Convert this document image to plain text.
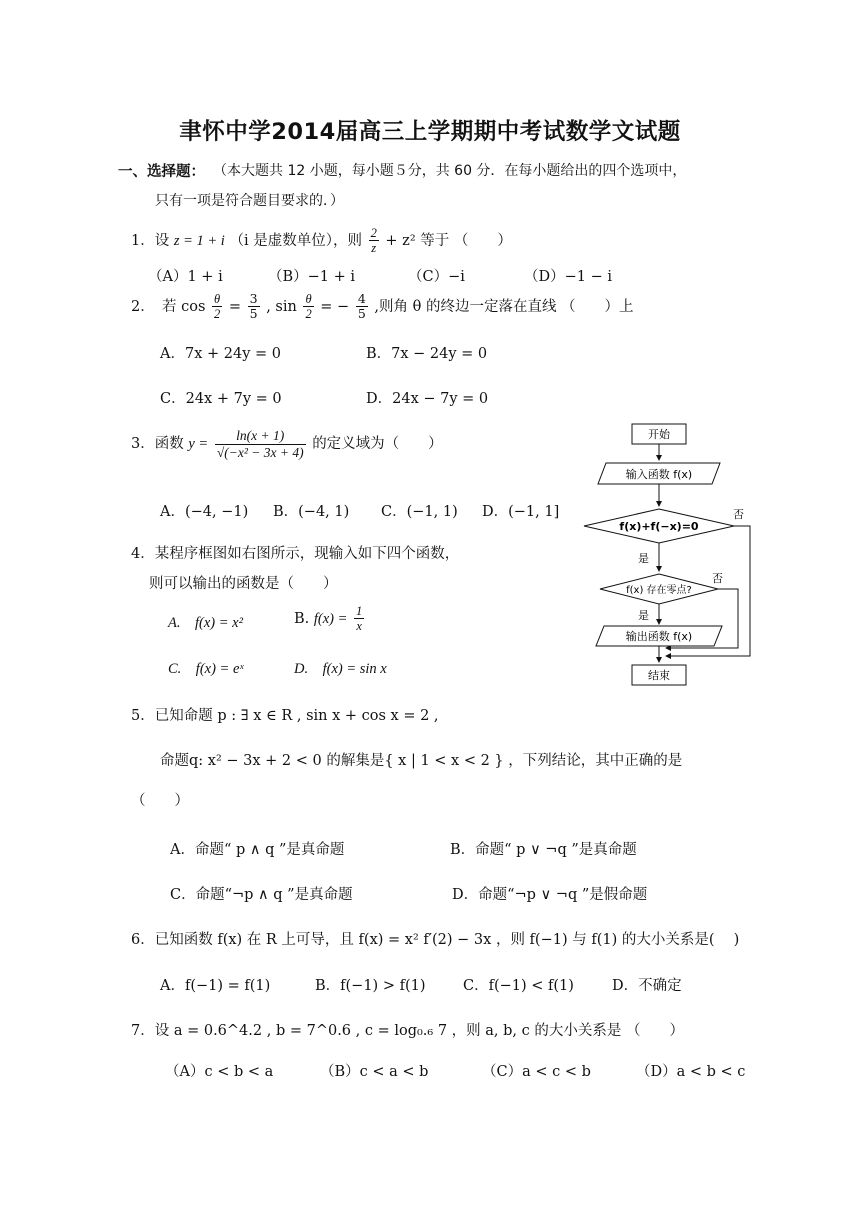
聿怀中学2014届高三上学期期中考试数学文试题
一、选择题： （本大题共 12 小题，每小题５分，共 60 分．在每小题给出的四个选项中，
只有一项是符合题目要求的．）
1．设 z = 1 + i （i 是虚数单位），则 $\frac{2}{z} + z^2$ 等于 （　　）
（A）1 + i	（B）−1 + i	（C）−i	（D）−1 − i
2．　若 $\cos \frac{\theta}{2} = \frac{3}{5}$ , $\sin \frac{\theta}{2}$ = − $\frac{4}{5}$ ,则角 θ 的终边一定落在直线 （　　）上
A．7x + 24y = 0	B．7x − 24y = 0
C．24x + 7y = 0	D．24x − 7y = 0
3．函数 $y = \frac{\ln(x + 1)}{\text{√(−x² − 3x + 4)}}$ 的定义域为（　　）
A．(−4, −1) B．(−4, 1) C．(−1, 1) D．(−1, 1]
4．某程序框图如右图所示，现输入如下四个函数，
则可以输出的函数是（　　）
A.　f(x) = x²	B. $f(x) = \frac{1}{x}$
C.　f(x) = eˣ	D.　f(x) = sin x
开始
输入函数 f(x)
f(x)+f(−x)=0
否
是
f(x) 存在零点?
否
是
输出函数 f(x)
结束
5．已知命题 p : ∃ x ∈ R , sin x + cos x = 2 ,
命题q: x² − 3x + 2 < 0 的解集是{ x | 1 < x < 2 } ，下列结论，其中正确的是
（　　）
A．命题“ p ∧ q ”是真命题	B．命题“ p ∨ ¬q ”是真命题
C．命题“¬p ∧ q ”是真命题	D．命题“¬p ∨ ¬q ”是假命题
6．已知函数 f(x) 在 R 上可导，且 f(x) = x² f′(2) − 3x ，则 f(−1) 与 f(1) 的大小关系是(　 )
A．f(−1) = f(1)	B．f(−1) > f(1)	C．f(−1) < f(1)	D．不确定
7．设 a = 0.6^4.2 , b = 7^0.6 , c = log₀.₆ 7 ，则 a, b, c 的大小关系是 （　　）
（A）c < b < a	（B）c < a < b	（C）a < c < b	（D）a < b < c
